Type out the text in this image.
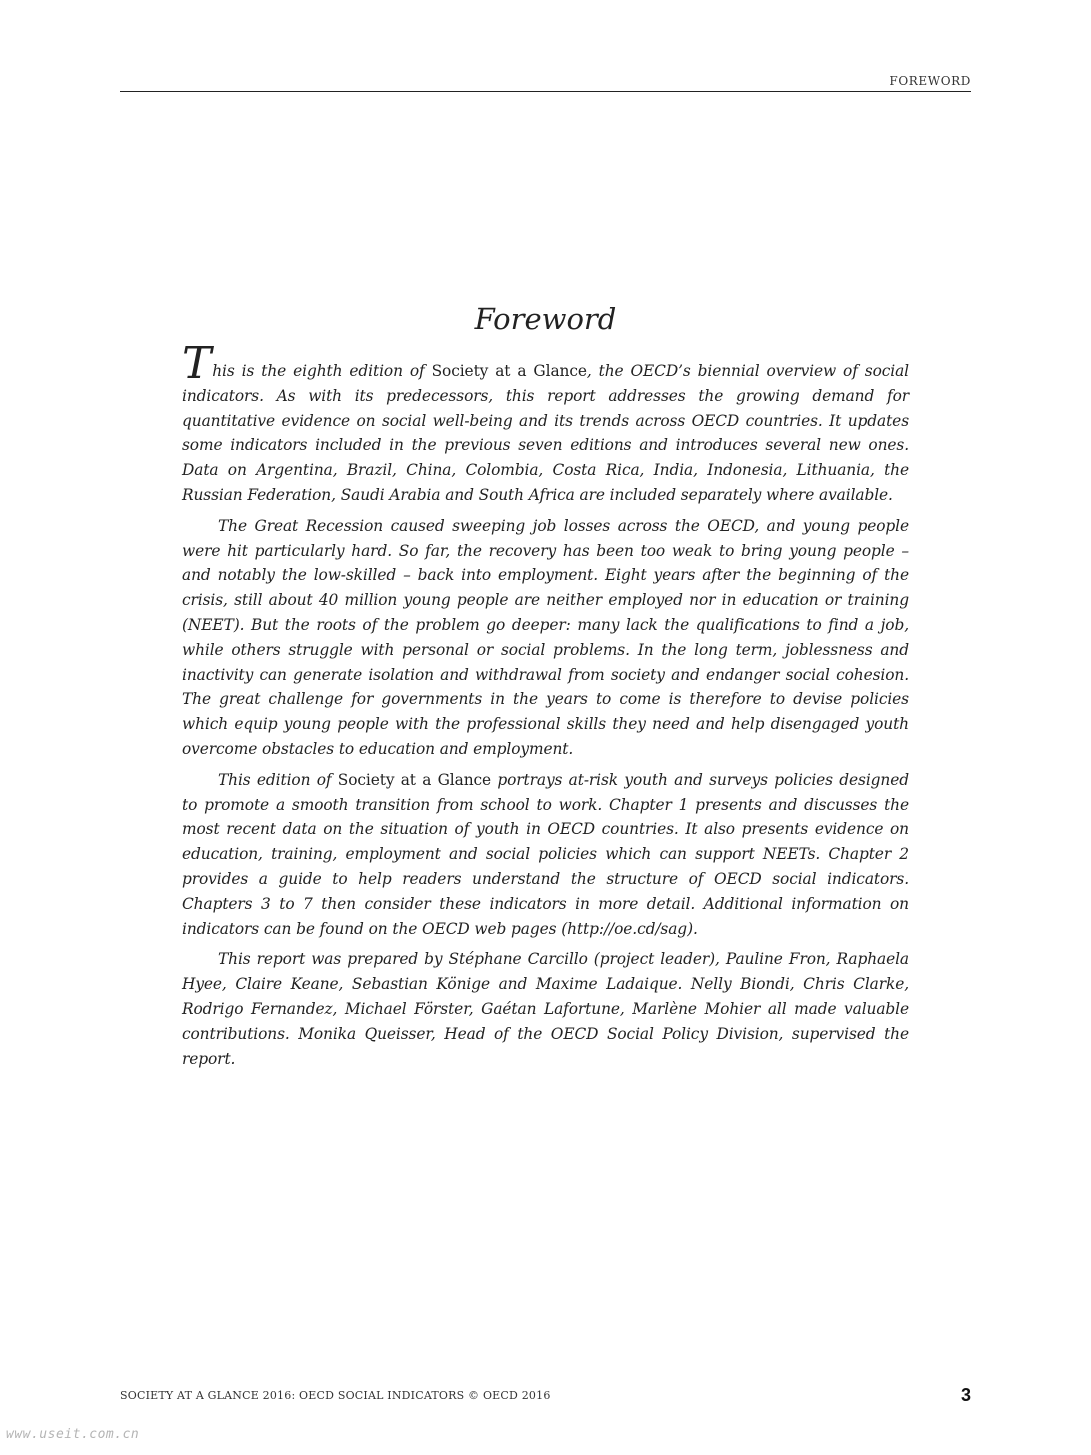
FOREWORD
Foreword

This is the eighth edition of Society at a Glance, the OECD’s biennial overview of social indicators. As with its predecessors, this report addresses the growing demand for quantitative evidence on social well-being and its trends across OECD countries. It updates some indicators included in the previous seven editions and introduces several new ones. Data on Argentina, Brazil, China, Colombia, Costa Rica, India, Indonesia, Lithuania, the Russian Federation, Saudi Arabia and South Africa are included separately where available.

The Great Recession caused sweeping job losses across the OECD, and young people were hit particularly hard. So far, the recovery has been too weak to bring young people – and notably the low-skilled – back into employment. Eight years after the beginning of the crisis, still about 40 million young people are neither employed nor in education or training (NEET). But the roots of the problem go deeper: many lack the qualifications to find a job, while others struggle with personal or social problems. In the long term, joblessness and inactivity can generate isolation and withdrawal from society and endanger social cohesion. The great challenge for governments in the years to come is therefore to devise policies which equip young people with the professional skills they need and help disengaged youth overcome obstacles to education and employment.

This edition of Society at a Glance portrays at-risk youth and surveys policies designed to promote a smooth transition from school to work. Chapter 1 presents and discusses the most recent data on the situation of youth in OECD countries. It also presents evidence on education, training, employment and social policies which can support NEETs. Chapter 2 provides a guide to help readers understand the structure of OECD social indicators. Chapters 3 to 7 then consider these indicators in more detail. Additional information on indicators can be found on the OECD web pages (http://oe.cd/sag).

This report was prepared by Stéphane Carcillo (project leader), Pauline Fron, Raphaela Hyee, Claire Keane, Sebastian Könige and Maxime Ladaique. Nelly Biondi, Chris Clarke, Rodrigo Fernandez, Michael Förster, Gaétan Lafortune, Marlène Mohier all made valuable contributions. Monika Queisser, Head of the OECD Social Policy Division, supervised the report.

SOCIETY AT A GLANCE 2016: OECD SOCIAL INDICATORS © OECD 2016	3
www.useit.com.cn
